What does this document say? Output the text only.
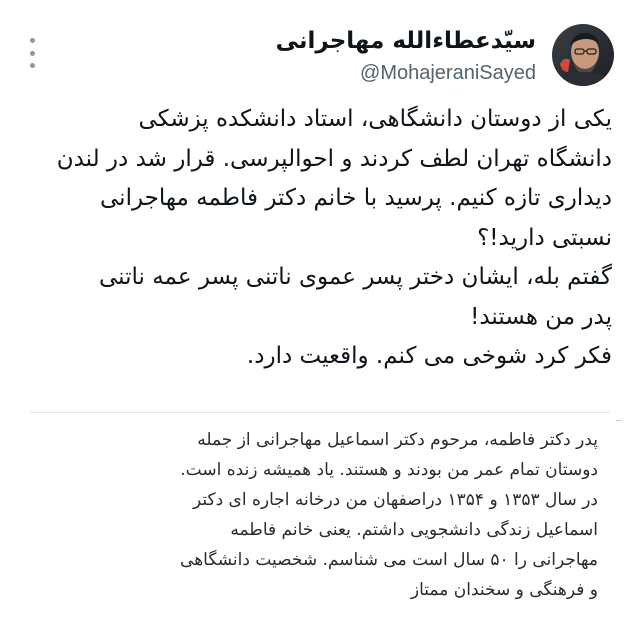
سیّدعطاءالله مهاجرانی
@MohajeraniSayed
یکی از دوستان دانشگاهی، استاد دانشکده پزشکی
دانشگاه تهران لطف کردند و احوالپرسی. قرار شد در لندن
دیداری تازه کنیم. پرسید با خانم دکتر فاطمه مهاجرانی
نسبتی دارید!؟
گفتم بله، ایشان دختر پسر عموی ناتنی پسر عمه ناتنی
پدر من هستند!
فکر کرد شوخی می کنم. واقعیت دارد.
پدر دکتر فاطمه، مرحوم دکتر اسماعیل مهاجرانی از جمله
دوستان تمام عمر من بودند و هستند. یاد همیشه زنده است.
در سال ۱۳۵۳ و ۱۳۵۴ دراصفهان من درخانه اجاره ای دکتر
اسماعیل زندگی دانشجویی داشتم. یعنی خانم فاطمه
مهاجرانی را ۵۰ سال است می شناسم. شخصیت دانشگاهی
و فرهنگی و سخندان ممتاز
